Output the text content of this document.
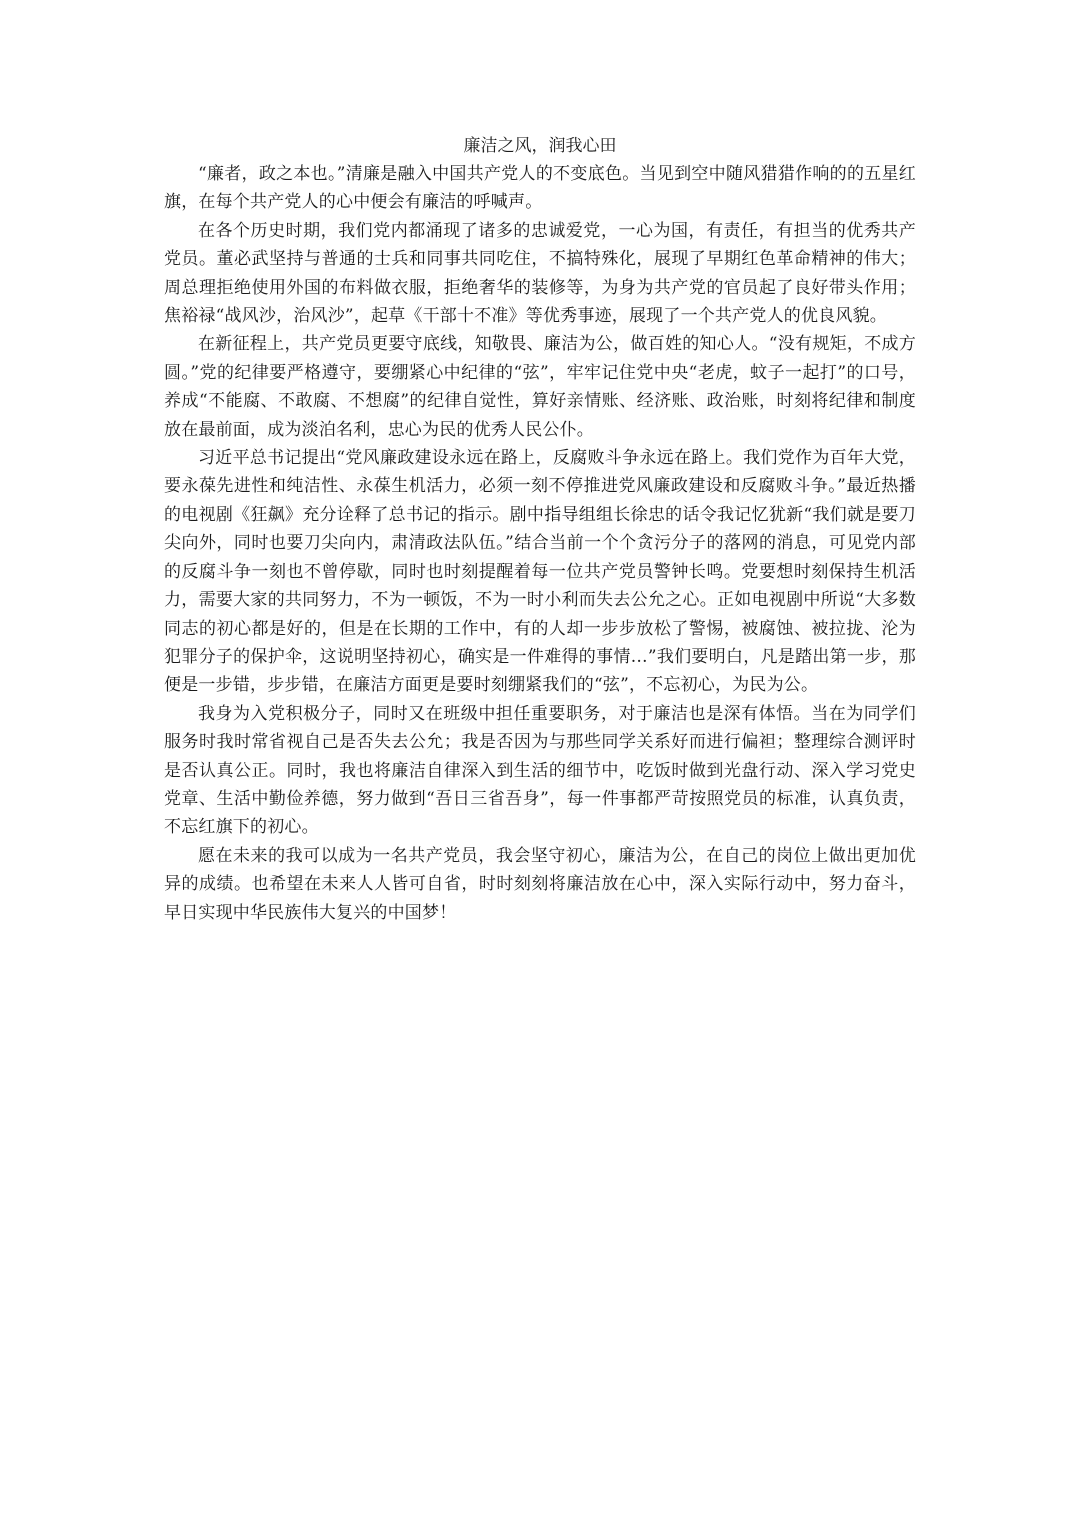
廉洁之风，润我心田

“廉者，政之本也。”清廉是融入中国共产党人的不变底色。当见到空中随风猎猎作响的的五星红旗，在每个共产党人的心中便会有廉洁的呼喊声。

在各个历史时期，我们党内都涌现了诸多的忠诚爱党，一心为国，有责任，有担当的优秀共产党员。董必武坚持与普通的士兵和同事共同吃住，不搞特殊化，展现了早期红色革命精神的伟大；周总理拒绝使用外国的布料做衣服，拒绝奢华的装修等，为身为共产党的官员起了良好带头作用；焦裕禄“战风沙，治风沙”，起草《干部十不准》等优秀事迹，展现了一个共产党人的优良风貌。

在新征程上，共产党员更要守底线，知敬畏、廉洁为公，做百姓的知心人。“没有规矩，不成方圆。”党的纪律要严格遵守，要绷紧心中纪律的“弦”，牢牢记住党中央“老虎，蚊子一起打”的口号，养成“不能腐、不敢腐、不想腐”的纪律自觉性，算好亲情账、经济账、政治账，时刻将纪律和制度放在最前面，成为淡泊名利，忠心为民的优秀人民公仆。

习近平总书记提出“党风廉政建设永远在路上，反腐败斗争永远在路上。我们党作为百年大党，要永葆先进性和纯洁性、永葆生机活力，必须一刻不停推进党风廉政建设和反腐败斗争。”最近热播的电视剧《狂飙》充分诠释了总书记的指示。剧中指导组组长徐忠的话令我记忆犹新“我们就是要刀尖向外，同时也要刀尖向内，肃清政法队伍。”结合当前一个个贪污分子的落网的消息，可见党内部的反腐斗争一刻也不曾停歇，同时也时刻提醒着每一位共产党员警钟长鸣。党要想时刻保持生机活力，需要大家的共同努力，不为一顿饭，不为一时小利而失去公允之心。正如电视剧中所说“大多数同志的初心都是好的，但是在长期的工作中，有的人却一步步放松了警惕，被腐蚀、被拉拢、沦为犯罪分子的保护伞，这说明坚持初心，确实是一件难得的事情…”我们要明白，凡是踏出第一步，那便是一步错，步步错，在廉洁方面更是要时刻绷紧我们的“弦”，不忘初心，为民为公。

我身为入党积极分子，同时又在班级中担任重要职务，对于廉洁也是深有体悟。当在为同学们服务时我时常省视自己是否失去公允；我是否因为与那些同学关系好而进行偏袒；整理综合测评时是否认真公正。同时，我也将廉洁自律深入到生活的细节中，吃饭时做到光盘行动、深入学习党史党章、生活中勤俭养德，努力做到“吾日三省吾身”，每一件事都严苛按照党员的标准，认真负责，不忘红旗下的初心。

愿在未来的我可以成为一名共产党员，我会坚守初心，廉洁为公，在自己的岗位上做出更加优异的成绩。也希望在未来人人皆可自省，时时刻刻将廉洁放在心中，深入实际行动中，努力奋斗，早日实现中华民族伟大复兴的中国梦！
